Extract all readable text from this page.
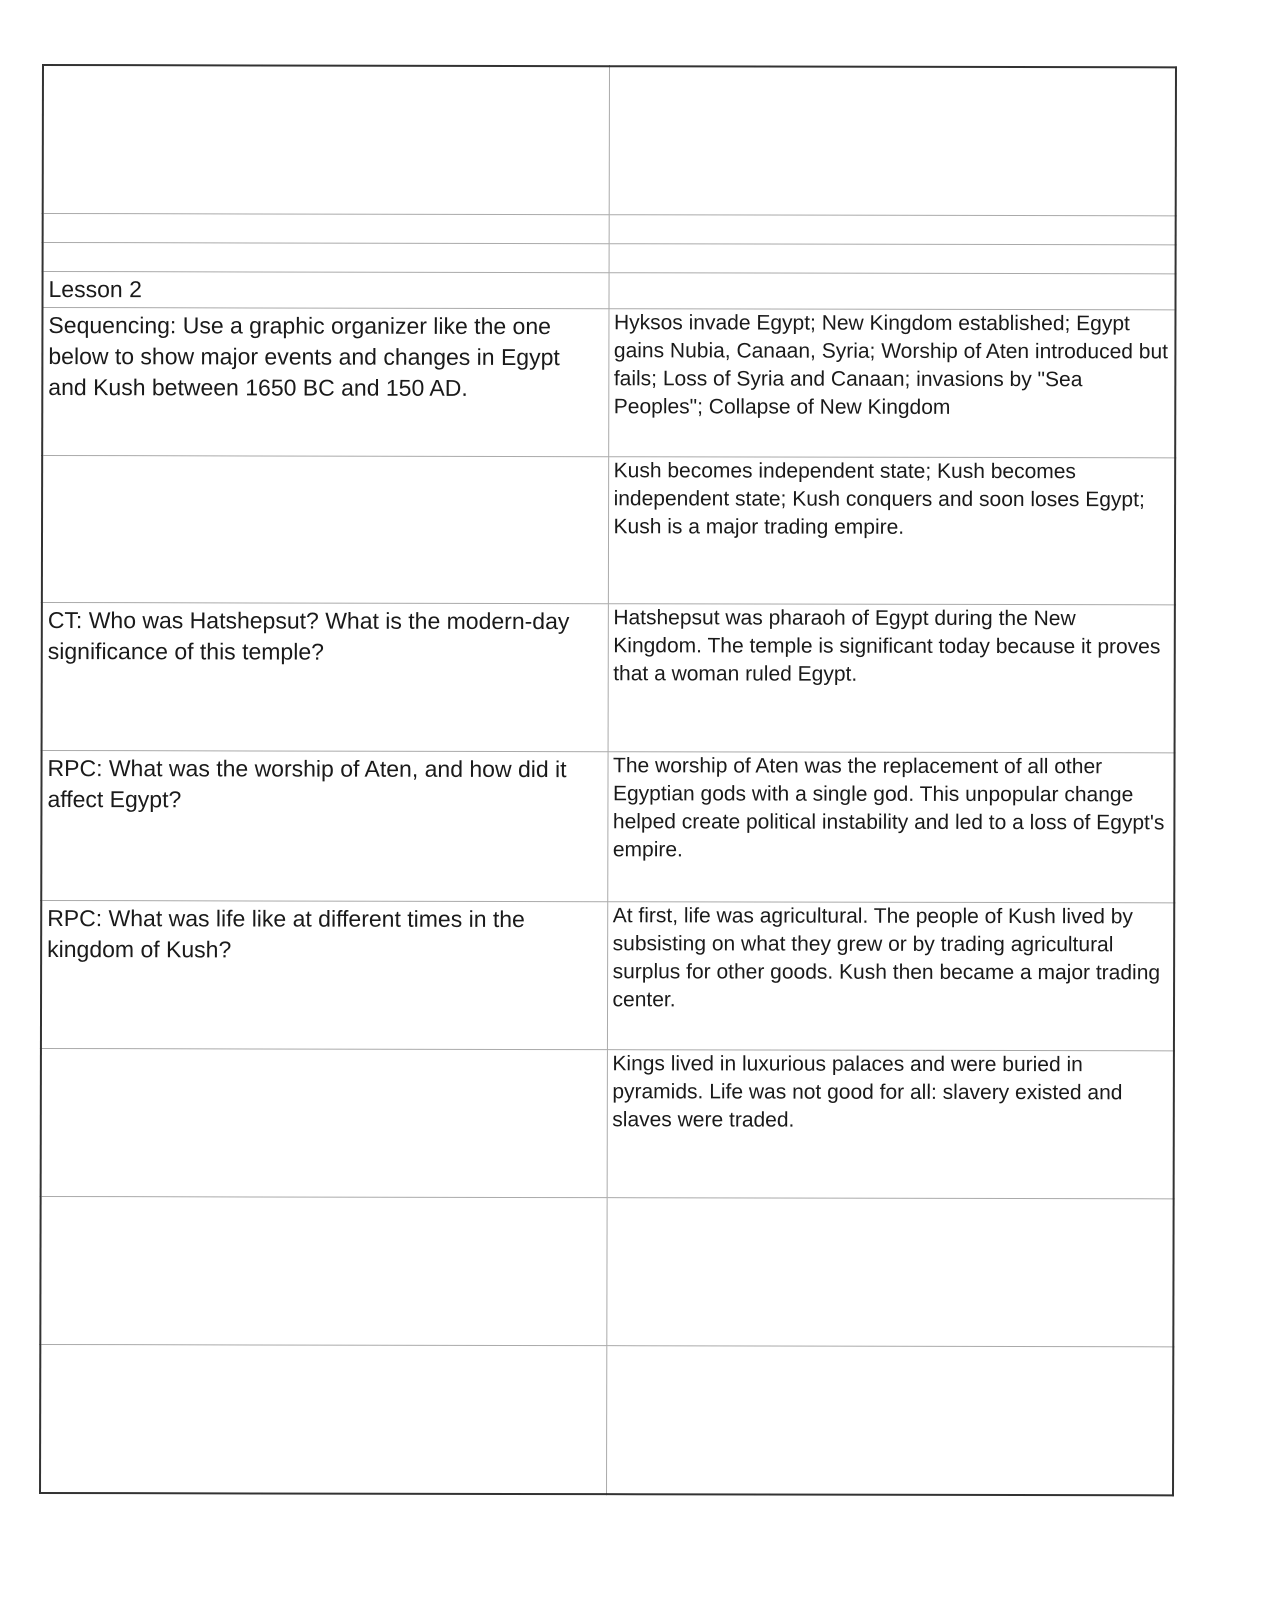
Lesson 2	
Sequencing: Use a graphic organizer like the one below to show major events and changes in Egypt and Kush between 1650 BC and 150 AD.	Hyksos invade Egypt; New Kingdom established; Egypt gains Nubia, Canaan, Syria; Worship of Aten introduced but fails; Loss of Syria and Canaan; invasions by "Sea Peoples"; Collapse of New Kingdom
	Kush becomes independent state; Kush becomes independent state; Kush conquers and soon loses Egypt; Kush is a major trading empire.
CT: Who was Hatshepsut? What is the modern-day significance of this temple?	Hatshepsut was pharaoh of Egypt during the New Kingdom. The temple is significant today because it proves that a woman ruled Egypt.
RPC: What was the worship of Aten, and how did it affect Egypt?	The worship of Aten was the replacement of all other Egyptian gods with a single god. This unpopular change helped create political instability and led to a loss of Egypt's empire.
RPC: What was life like at different times in the kingdom of Kush?	At first, life was agricultural. The people of Kush lived by subsisting on what they grew or by trading agricultural surplus for other goods. Kush then became a major trading center.
	Kings lived in luxurious palaces and were buried in pyramids. Life was not good for all: slavery existed and slaves were traded.
